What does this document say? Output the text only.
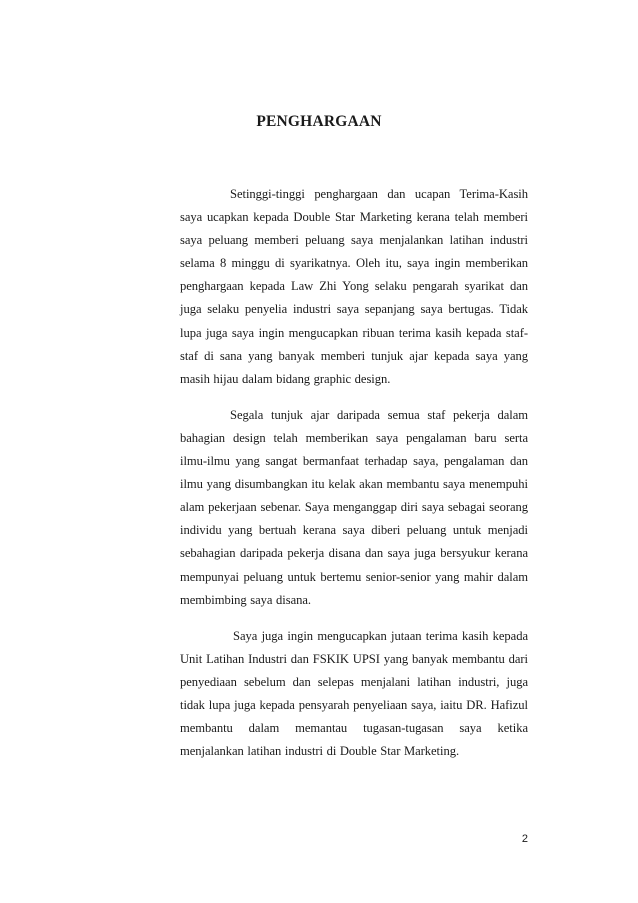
PENGHARGAAN

Setinggi-tinggi penghargaan dan ucapan Terima-Kasih saya ucapkan kepada Double Star Marketing kerana telah memberi saya peluang memberi peluang saya menjalankan latihan industri selama 8 minggu di syarikatnya. Oleh itu, saya ingin memberikan penghargaan kepada Law Zhi Yong selaku pengarah syarikat dan juga selaku penyelia industri saya sepanjang saya bertugas. Tidak lupa juga saya ingin mengucapkan ribuan terima kasih kepada staf-staf di sana yang banyak memberi tunjuk ajar kepada saya yang masih hijau dalam bidang graphic design.

Segala tunjuk ajar daripada semua staf pekerja dalam bahagian design telah memberikan saya pengalaman baru serta ilmu-ilmu yang sangat bermanfaat terhadap saya, pengalaman dan ilmu yang disumbangkan itu kelak akan membantu saya menempuhi alam pekerjaan sebenar. Saya menganggap diri saya sebagai seorang individu yang bertuah kerana saya diberi peluang untuk menjadi sebahagian daripada pekerja disana dan saya juga bersyukur kerana mempunyai peluang untuk bertemu senior-senior yang mahir dalam membimbing saya disana.

Saya juga ingin mengucapkan jutaan terima kasih kepada Unit Latihan Industri dan FSKIK UPSI yang banyak membantu dari penyediaan sebelum dan selepas menjalani latihan industri, juga tidak lupa juga kepada pensyarah penyeliaan saya, iaitu DR. Hafizul membantu dalam memantau tugasan-tugasan saya ketika menjalankan latihan industri di Double Star Marketing.

2
